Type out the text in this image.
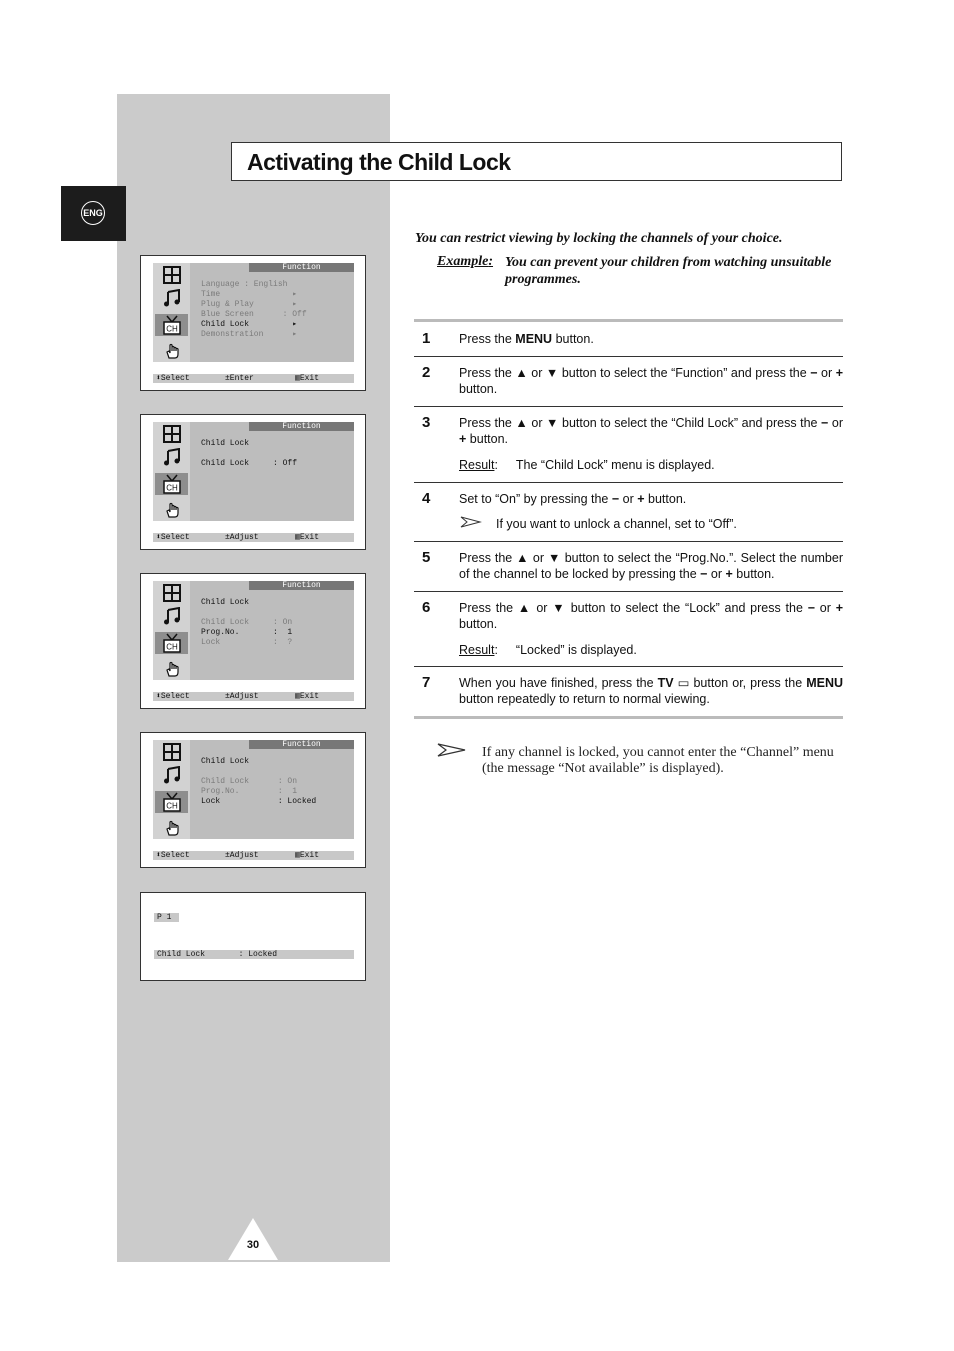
ENG
Activating the Child Lock
CH
Function
Language : English
Time               ▸
Plug & Play        ▸
Blue Screen      : Off
Child Lock         ▸
Demonstration      ▸
⬍Select	±Enter	▥Exit
CH
Function
Child Lock
Child Lock     : Off
⬍Select	±Adjust	▥Exit
CH
Function
Child Lock
Child Lock     : On
Prog.No.       :  1
Lock           :  ?
⬍Select	±Adjust	▥Exit
CH
Function
Child Lock
Child Lock      : On
Prog.No.        :  1
Lock            : Locked
⬍Select	±Adjust	▥Exit
P 1
Child Lock       : Locked
You can restrict viewing by locking the channels of your choice.
Example: You can prevent your children from watching unsuitable programmes.
1 Press the MENU button.
2 Press the ▲ or ▼ button to select the “Function” and press the − or + button.
3 Press the ▲ or ▼ button to select the “Child Lock” and press the − or + button.
Result: The “Child Lock” menu is displayed.
4 Set to “On” by pressing the − or + button.
If you want to unlock a channel, set to “Off”.
5 Press the ▲ or ▼ button to select the “Prog.No.”. Select the number of the channel to be locked by pressing the − or + button.
6 Press the ▲ or ▼ button to select the “Lock” and press the − or + button.
Result: “Locked” is displayed.
7 When you have finished, press the TV ▭ button or, press the MENU button repeatedly to return to normal viewing.
If any channel is locked, you cannot enter the “Channel” menu (the message “Not available” is displayed).
30
